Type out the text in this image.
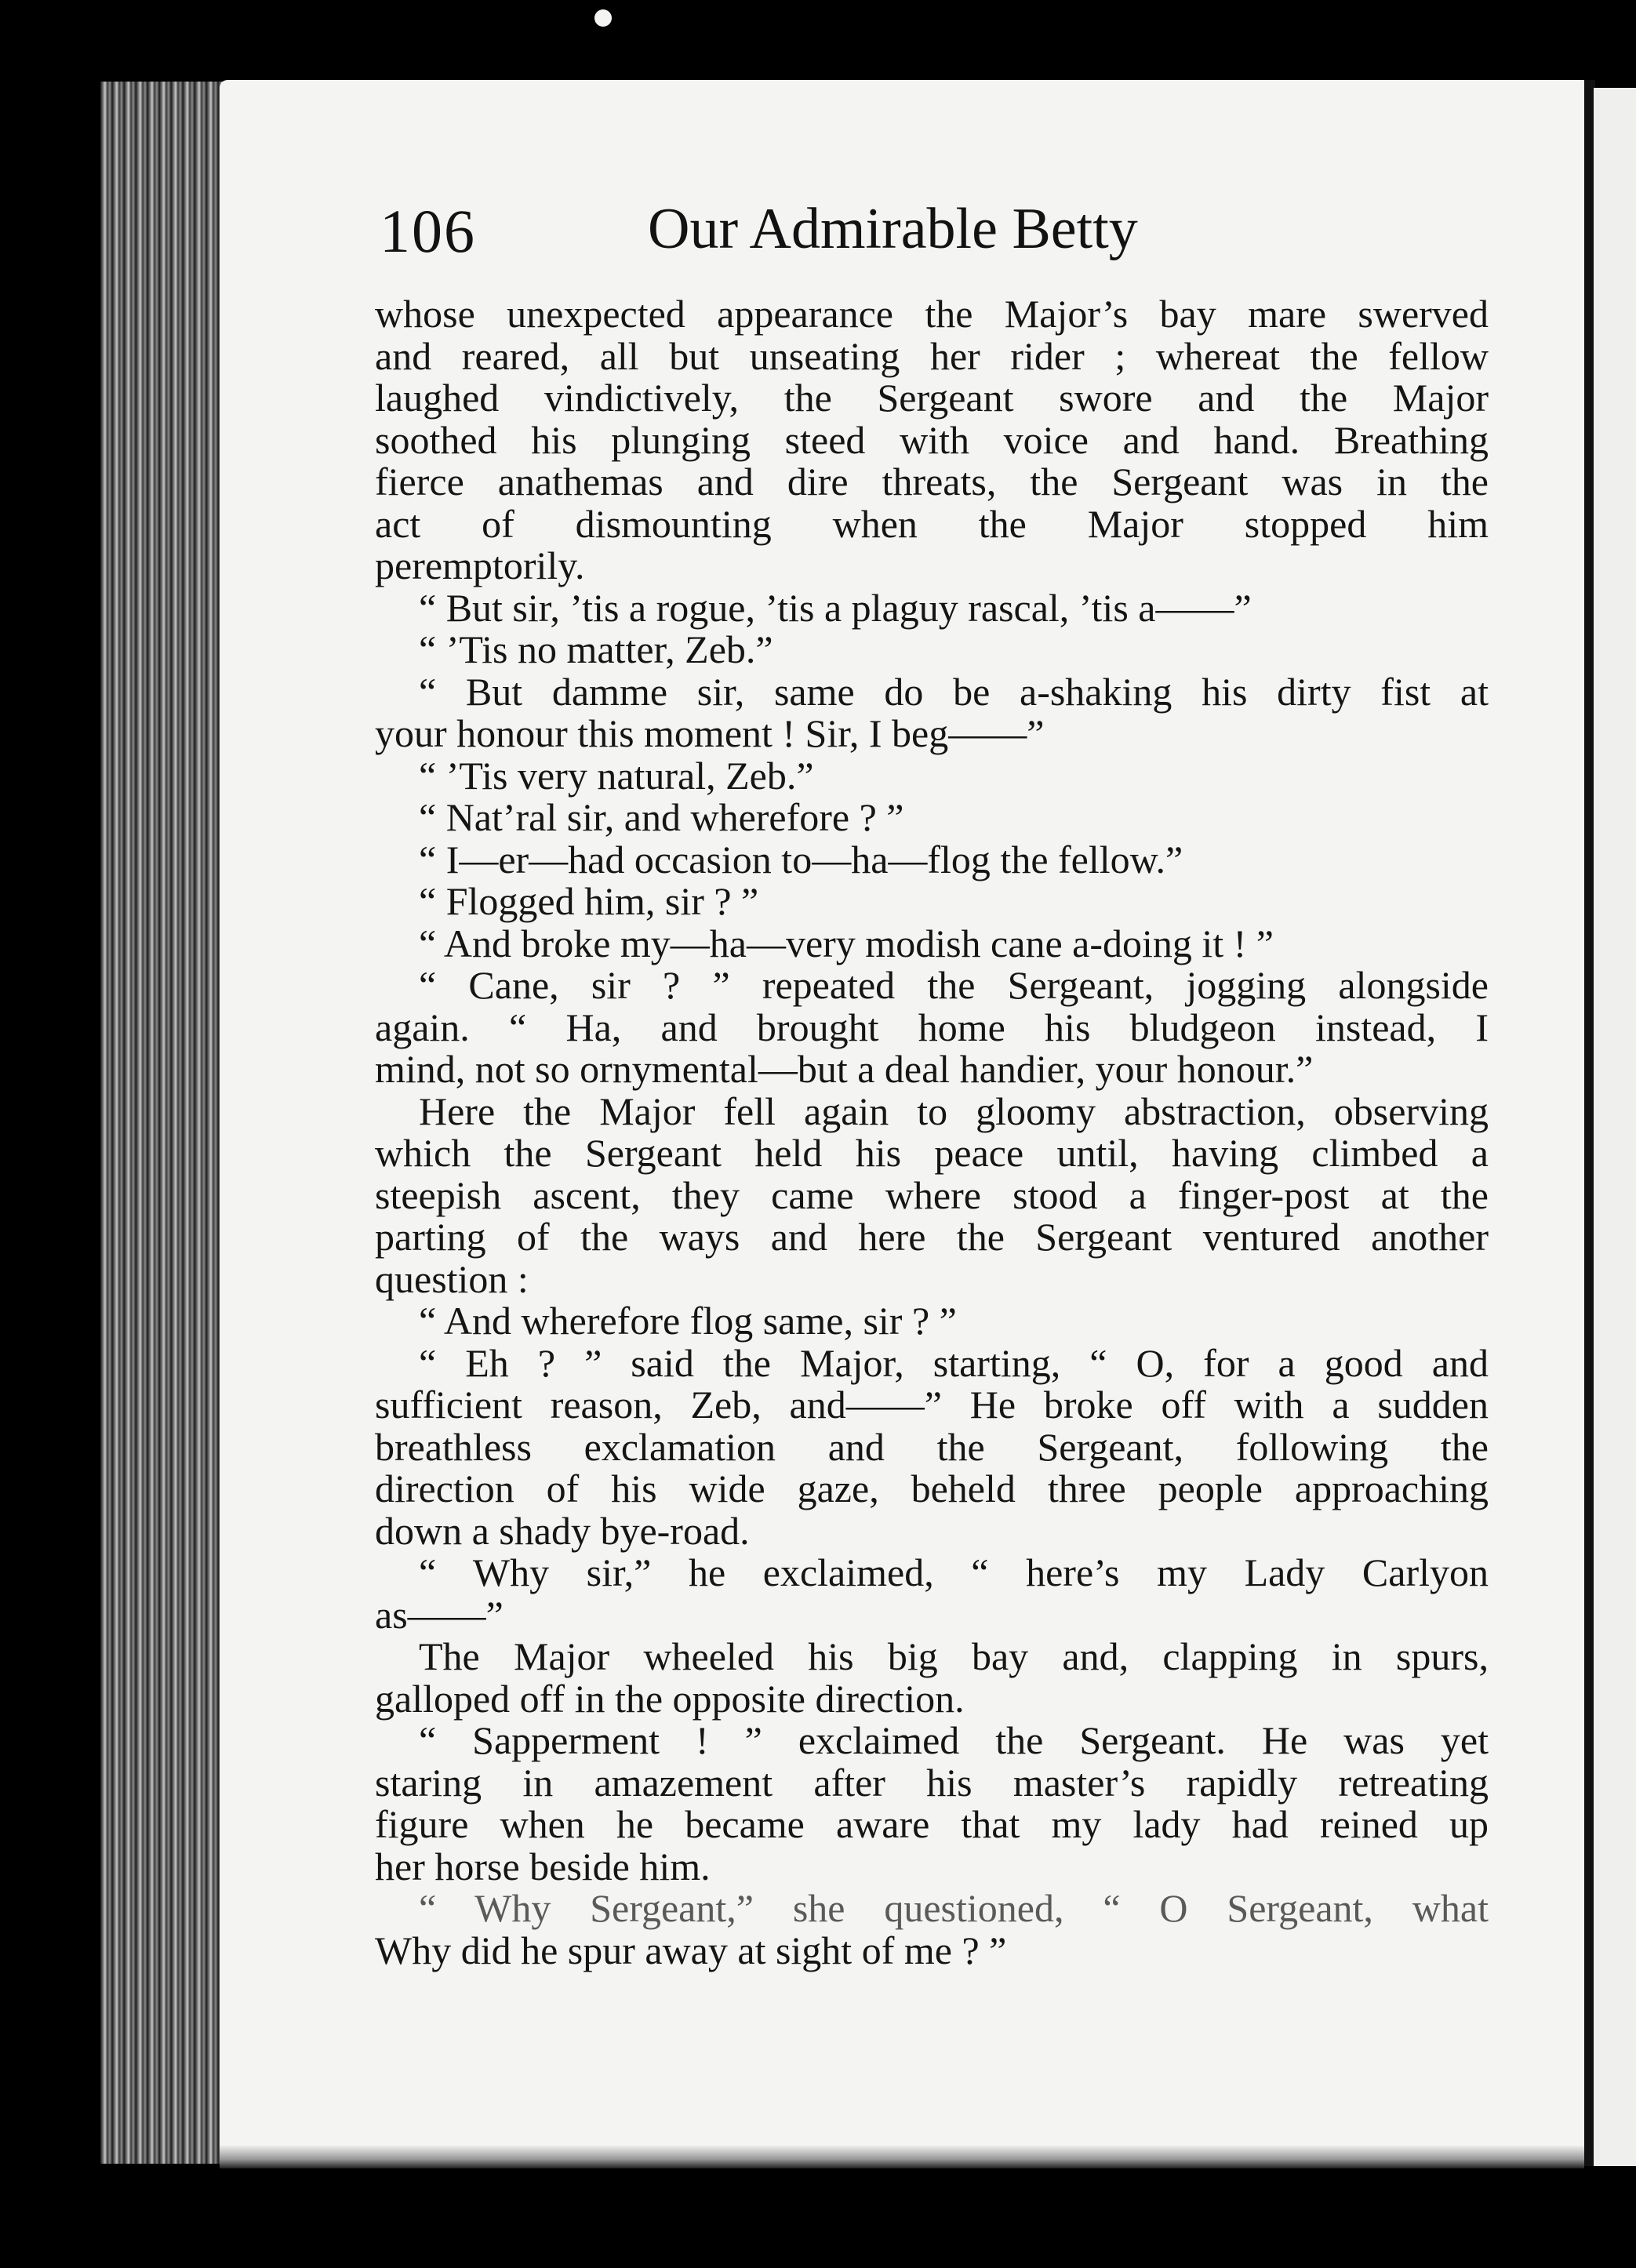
106	Our Admirable Betty
whose unexpected appearance the Major’s bay mare swerved
and reared, all but unseating her rider ; whereat the fellow
laughed vindictively, the Sergeant swore and the Major
soothed his plunging steed with voice and hand. Breathing
fierce anathemas and dire threats, the Sergeant was in the
act of dismounting when the Major stopped him
peremptorily.
“ But sir, ’tis a rogue, ’tis a plaguy rascal, ’tis a——”
“ ’Tis no matter, Zeb.”
“ But damme sir, same do be a-shaking his dirty fist at
your honour this moment ! Sir, I beg——”
“ ’Tis very natural, Zeb.”
“ Nat’ral sir, and wherefore ? ”
“ I—er—had occasion to—ha—flog the fellow.”
“ Flogged him, sir ? ”
“ And broke my—ha—very modish cane a-doing it ! ”
“ Cane, sir ? ” repeated the Sergeant, jogging alongside
again. “ Ha, and brought home his bludgeon instead, I
mind, not so ornymental—but a deal handier, your honour.”
Here the Major fell again to gloomy abstraction, observing
which the Sergeant held his peace until, having climbed a
steepish ascent, they came where stood a finger-post at the
parting of the ways and here the Sergeant ventured another
question :
“ And wherefore flog same, sir ? ”
“ Eh ? ” said the Major, starting, “ O, for a good and
sufficient reason, Zeb, and——” He broke off with a sudden
breathless exclamation and the Sergeant, following the
direction of his wide gaze, beheld three people approaching
down a shady bye-road.
“ Why sir,” he exclaimed, “ here’s my Lady Carlyon
as——”
The Major wheeled his big bay and, clapping in spurs,
galloped off in the opposite direction.
“ Sapperment ! ” exclaimed the Sergeant. He was yet
staring in amazement after his master’s rapidly retreating
figure when he became aware that my lady had reined up
her horse beside him.
“ Why Sergeant,” she questioned, “ O Sergeant, what
Why did he spur away at sight of me ? ”
